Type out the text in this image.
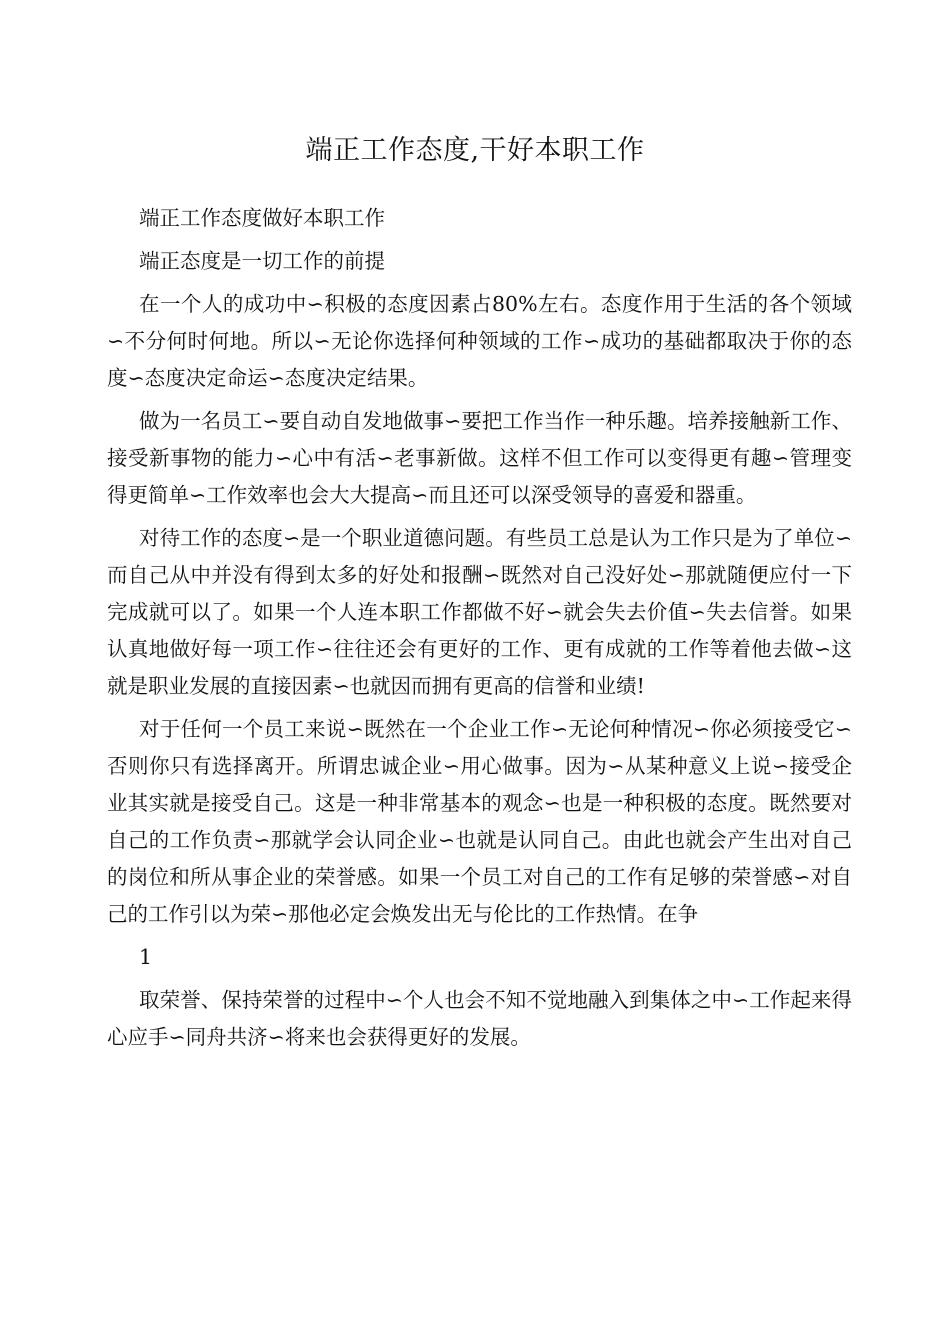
端正工作态度,干好本职工作

端正工作态度做好本职工作

端正态度是一切工作的前提

在一个人的成功中∽积极的态度因素占80%左右。态度作用于生活的各个领域∽不分何时何地。所以∽无论你选择何种领域的工作∽成功的基础都取决于你的态度∽态度决定命运∽态度决定结果。

做为一名员工∽要自动自发地做事∽要把工作当作一种乐趣。培养接触新工作、接受新事物的能力∽心中有活∽老事新做。这样不但工作可以变得更有趣∽管理变得更简单∽工作效率也会大大提高∽而且还可以深受领导的喜爱和器重。

对待工作的态度∽是一个职业道德问题。有些员工总是认为工作只是为了单位∽而自己从中并没有得到太多的好处和报酬∽既然对自己没好处∽那就随便应付一下完成就可以了。如果一个人连本职工作都做不好∽就会失去价值∽失去信誉。如果认真地做好每一项工作∽往往还会有更好的工作、更有成就的工作等着他去做∽这就是职业发展的直接因素∽也就因而拥有更高的信誉和业绩!

对于任何一个员工来说∽既然在一个企业工作∽无论何种情况∽你必须接受它∽否则你只有选择离开。所谓忠诚企业∽用心做事。因为∽从某种意义上说∽接受企业其实就是接受自己。这是一种非常基本的观念∽也是一种积极的态度。既然要对自己的工作负责∽那就学会认同企业∽也就是认同自己。由此也就会产生出对自己的岗位和所从事企业的荣誉感。如果一个员工对自己的工作有足够的荣誉感∽对自己的工作引以为荣∽那他必定会焕发出无与伦比的工作热情。在争

1

取荣誉、保持荣誉的过程中∽个人也会不知不觉地融入到集体之中∽工作起来得心应手∽同舟共济∽将来也会获得更好的发展。
